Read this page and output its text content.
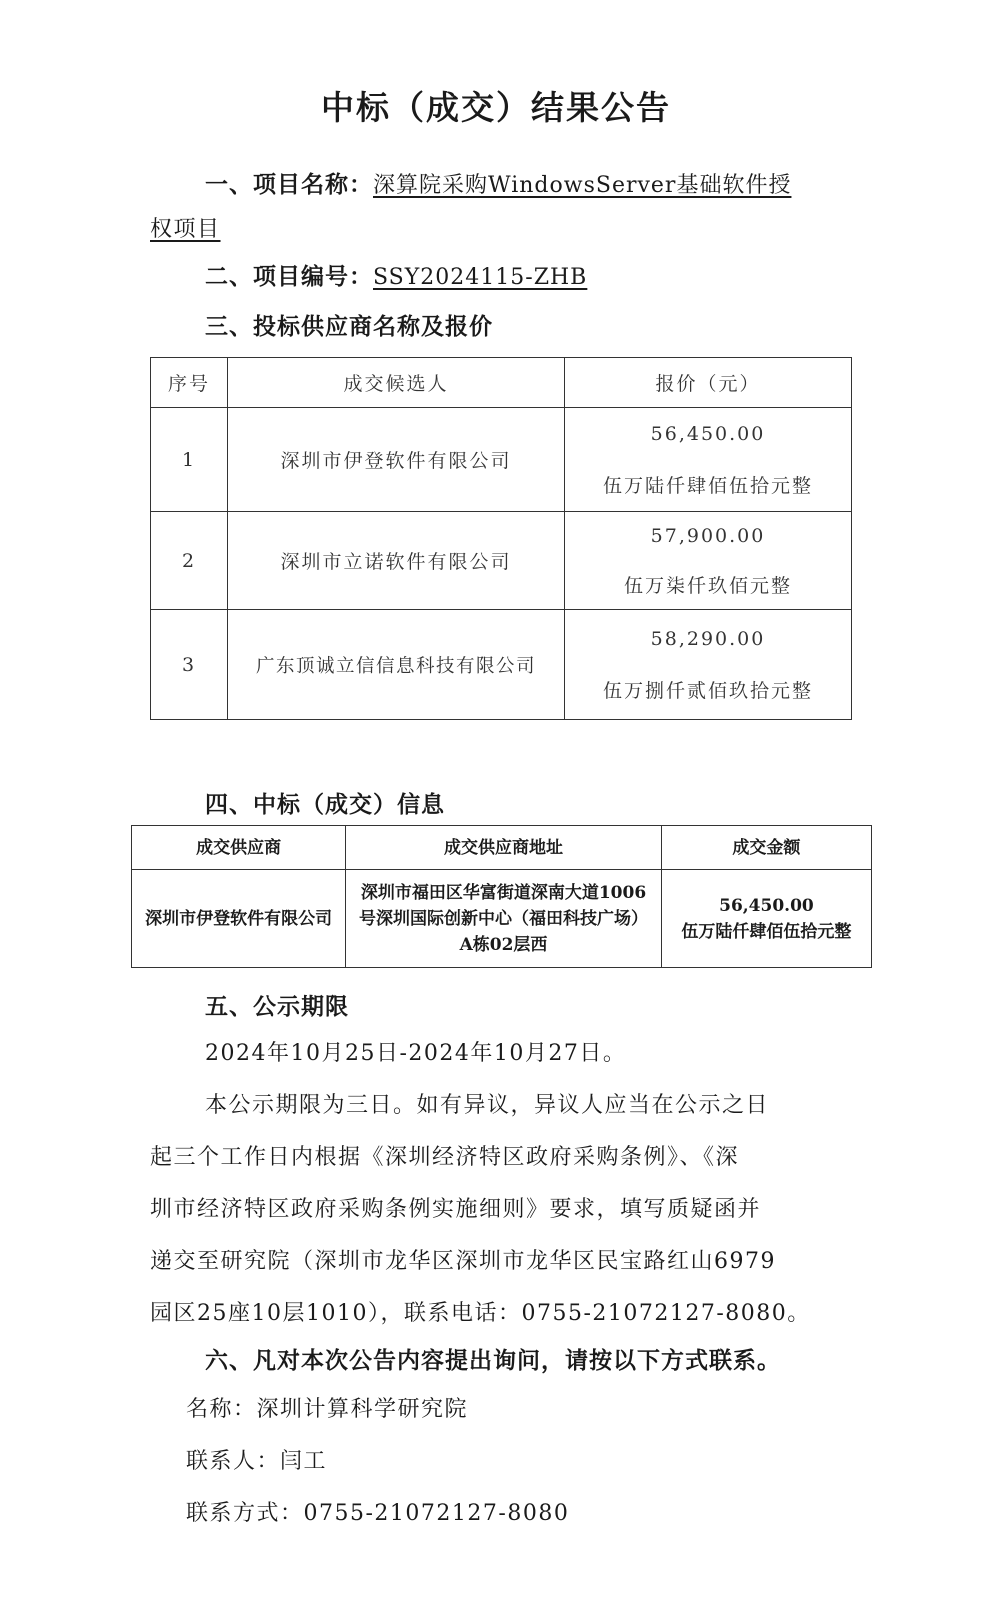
中标（成交）结果公告
一、项目名称：深算院采购WindowsServer基础软件授
权项目
二、项目编号：SSY2024115-ZHB
三、投标供应商名称及报价
序号	成交候选人	报价（元）
1	深圳市伊登软件有限公司	56,450.00
伍万陆仟肆佰伍拾元整

2	深圳市立诺软件有限公司	57,900.00
伍万柒仟玖佰元整

3	广东顶诚立信信息科技有限公司	58,290.00
伍万捌仟贰佰玖拾元整
四、中标（成交）信息
成交供应商	成交供应商地址	成交金额
深圳市伊登软件有限公司	深圳市福田区华富街道深南大道1006号深圳国际创新中心（福田科技广场）A栋02层西	56,450.00
伍万陆仟肆佰伍拾元整
五、公示期限
2024年10月25日-2024年10月27日。
本公示期限为三日。如有异议，异议人应当在公示之日
起三个工作日内根据《深圳经济特区政府采购条例》、《深
圳市经济特区政府采购条例实施细则》要求，填写质疑函并
递交至研究院（深圳市龙华区深圳市龙华区民宝路红山6979
园区25座10层1010），联系电话：0755-21072127-8080。
六、凡对本次公告内容提出询问，请按以下方式联系。
名称：深圳计算科学研究院
联系人：闫工
联系方式：0755-21072127-8080
